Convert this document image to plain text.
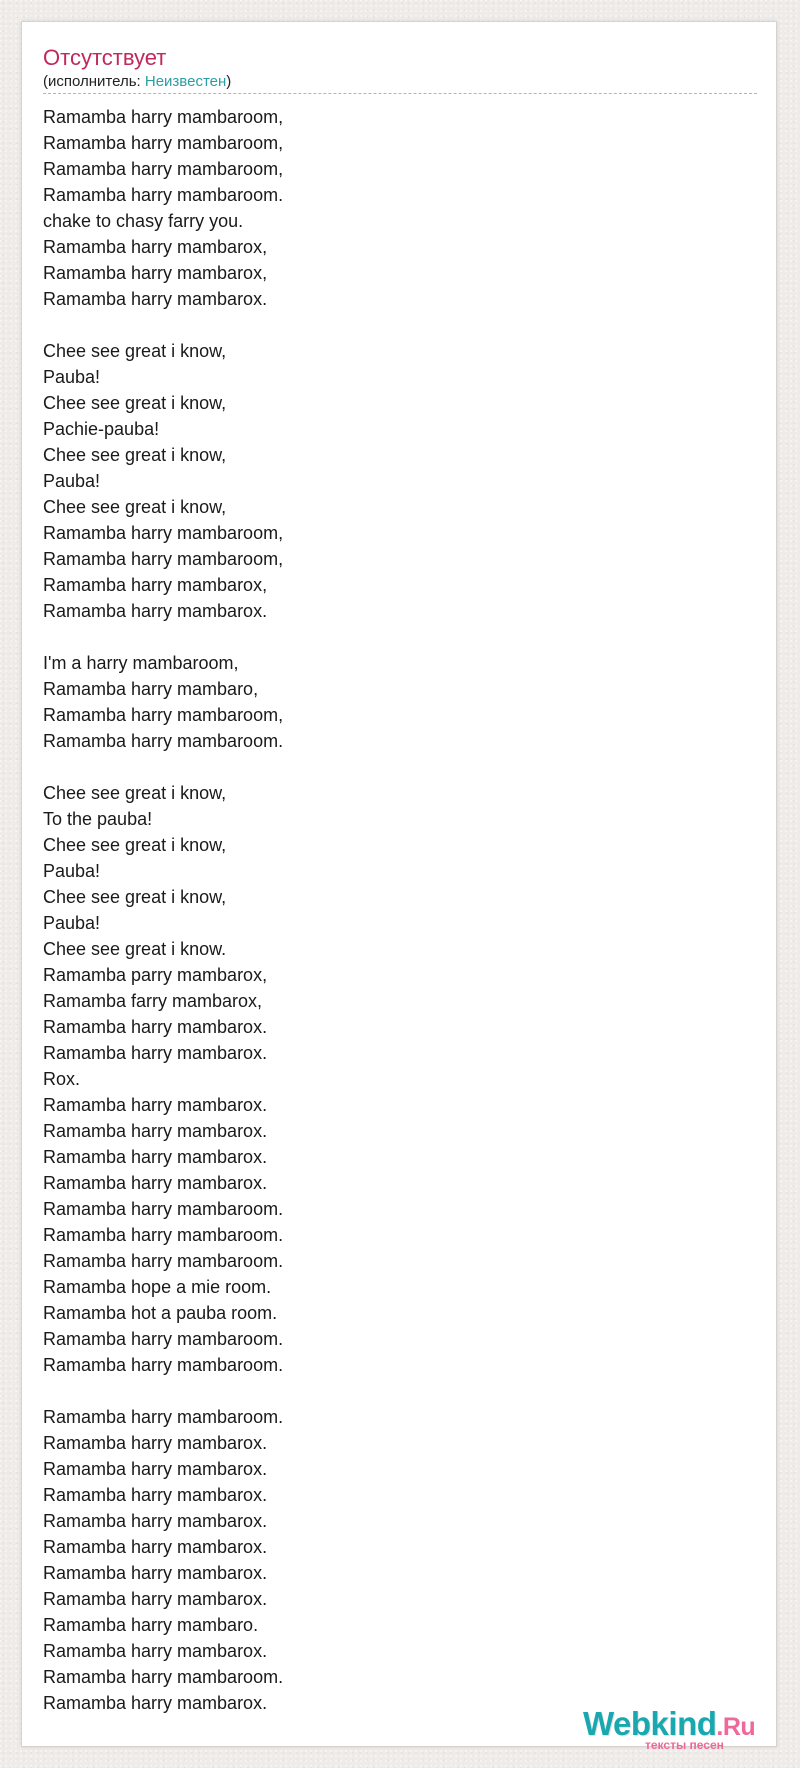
Отсутствует
(исполнитель: Неизвестен)
Ramamba harry mambaroom,
Ramamba harry mambaroom,
Ramamba harry mambaroom,
Ramamba harry mambaroom.
chake to chasy farry you.
Ramamba harry mambarox,
Ramamba harry mambarox,
Ramamba harry mambarox.

Chee see great i know,
Pauba!
Chee see great i know,
Pachie-pauba!
Chee see great i know,
Pauba!
Chee see great i know,
Ramamba harry mambaroom,
Ramamba harry mambaroom,
Ramamba harry mambarox,
Ramamba harry mambarox.

I'm a harry mambaroom,
Ramamba harry mambaro,
Ramamba harry mambaroom,
Ramamba harry mambaroom.

Chee see great i know,
To the pauba!
Chee see great i know,
Pauba!
Chee see great i know,
Pauba!
Chee see great i know.
Ramamba parry mambarox,
Ramamba farry mambarox,
Ramamba harry mambarox.
Ramamba harry mambarox.
Rox.
Ramamba harry mambarox.
Ramamba harry mambarox.
Ramamba harry mambarox.
Ramamba harry mambarox.
Ramamba harry mambaroom.
Ramamba harry mambaroom.
Ramamba harry mambaroom.
Ramamba hope a mie room.
Ramamba hot a pauba room.
Ramamba harry mambaroom.
Ramamba harry mambaroom.

Ramamba harry mambaroom.
Ramamba harry mambarox.
Ramamba harry mambarox.
Ramamba harry mambarox.
Ramamba harry mambarox.
Ramamba harry mambarox.
Ramamba harry mambarox.
Ramamba harry mambarox.
Ramamba harry mambaro.
Ramamba harry mambarox.
Ramamba harry mambaroom.
Ramamba harry mambarox.
Webkind.Ru
тексты песен
